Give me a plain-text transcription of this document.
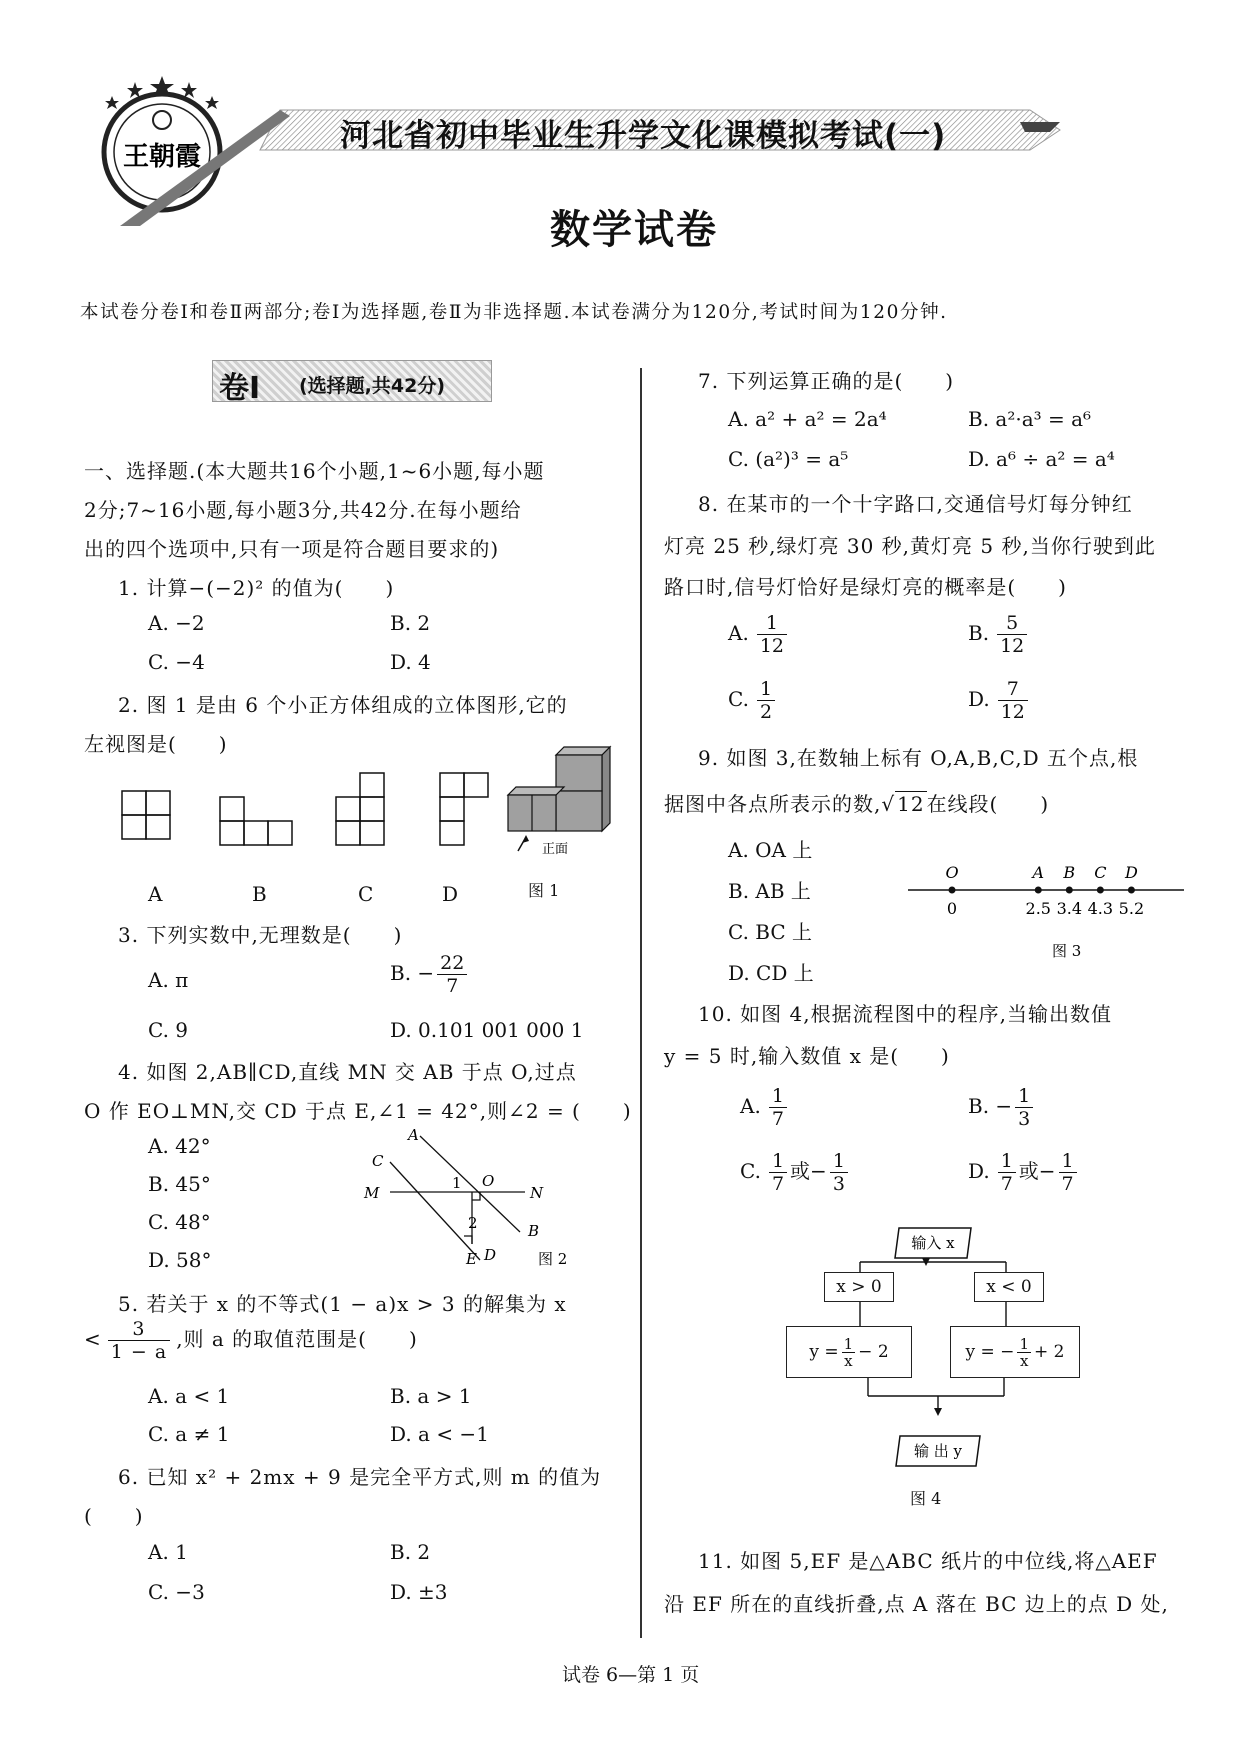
王朝霞
河北省初中毕业生升学文化课模拟考试(一)
数学试卷
本试卷分卷Ⅰ和卷Ⅱ两部分;卷Ⅰ为选择题,卷Ⅱ为非选择题.本试卷满分为120分,考试时间为120分钟.
卷Ⅰ (选择题,共42分)
一、选择题.(本大题共16个小题,1~6小题,每小题
2分;7~16小题,每小题3分,共42分.在每小题给
出的四个选项中,只有一项是符合题目要求的)
1. 计算−(−2)² 的值为(　　)
A. −2	B. 2
C. −4	D. 4
2. 图 1 是由 6 个小正方体组成的立体图形,它的
左视图是(　　)
正面
A	B	C	D	图 1
3. 下列实数中,无理数是(　　)
A. π	B. − $\frac{22}{7}$
C. 9	D. 0.101 001 000 1
4. 如图 2,AB∥CD,直线 MN 交 AB 于点 O,过点
O 作 EO⊥MN,交 CD 于点 E,∠1 = 42°,则∠2 = (　　)
A. 42°
B. 45°
C. 48°
D. 58°
A
C
M	N
O
B
E D
1
2
图 2
5. 若关于 x 的不等式(1 − a)x > 3 的解集为 x
< $\frac{3}{1 - a}$ ,则 a 的取值范围是(　　)
A. a < 1	B. a > 1
C. a ≠ 1	D. a < −1
6. 已知 x² + 2mx + 9 是完全平方式,则 m 的值为
(　　)
A. 1	B. 2
C. −3	D. ±3
7. 下列运算正确的是(　　)
A. a² + a² = 2a⁴	B. a²·a³ = a⁶
C. (a²)³ = a⁵	D. a⁶ ÷ a² = a⁴
8. 在某市的一个十字路口,交通信号灯每分钟红
灯亮 25 秒,绿灯亮 30 秒,黄灯亮 5 秒,当你行驶到此
路口时,信号灯恰好是绿灯亮的概率是(　　)
A. $\frac{1}{12}$	B. $\frac{5}{12}$
C. $\frac{1}{2}$	D. $\frac{7}{12}$
9. 如图 3,在数轴上标有 O,A,B,C,D 五个点,根
据图中各点所表示的数,√ 12 在线段(　　)
A. OA 上
B. AB 上
C. BC 上
D. CD 上
O
0
A
2.5
B
3.4
C
4.3
D
5.2
图 3
10. 如图 4,根据流程图中的程序,当输出数值
y = 5 时,输入数值 x 是(　　)
A. $\frac{1}{7}$	B. − $\frac{1}{3}$
C. $\frac{1}{7}$ 或− $\frac{1}{3}$	D. $\frac{1}{7}$ 或− $\frac{1}{7}$
输入 x
x > 0	x < 0
$y = \frac{1}{x} - 2$	y = − $\frac{1}{x} + 2$
输 出 y
图 4
11. 如图 5,EF 是△ABC 纸片的中位线,将△AEF
沿 EF 所在的直线折叠,点 A 落在 BC 边上的点 D 处,
试卷 6—第 1 页
